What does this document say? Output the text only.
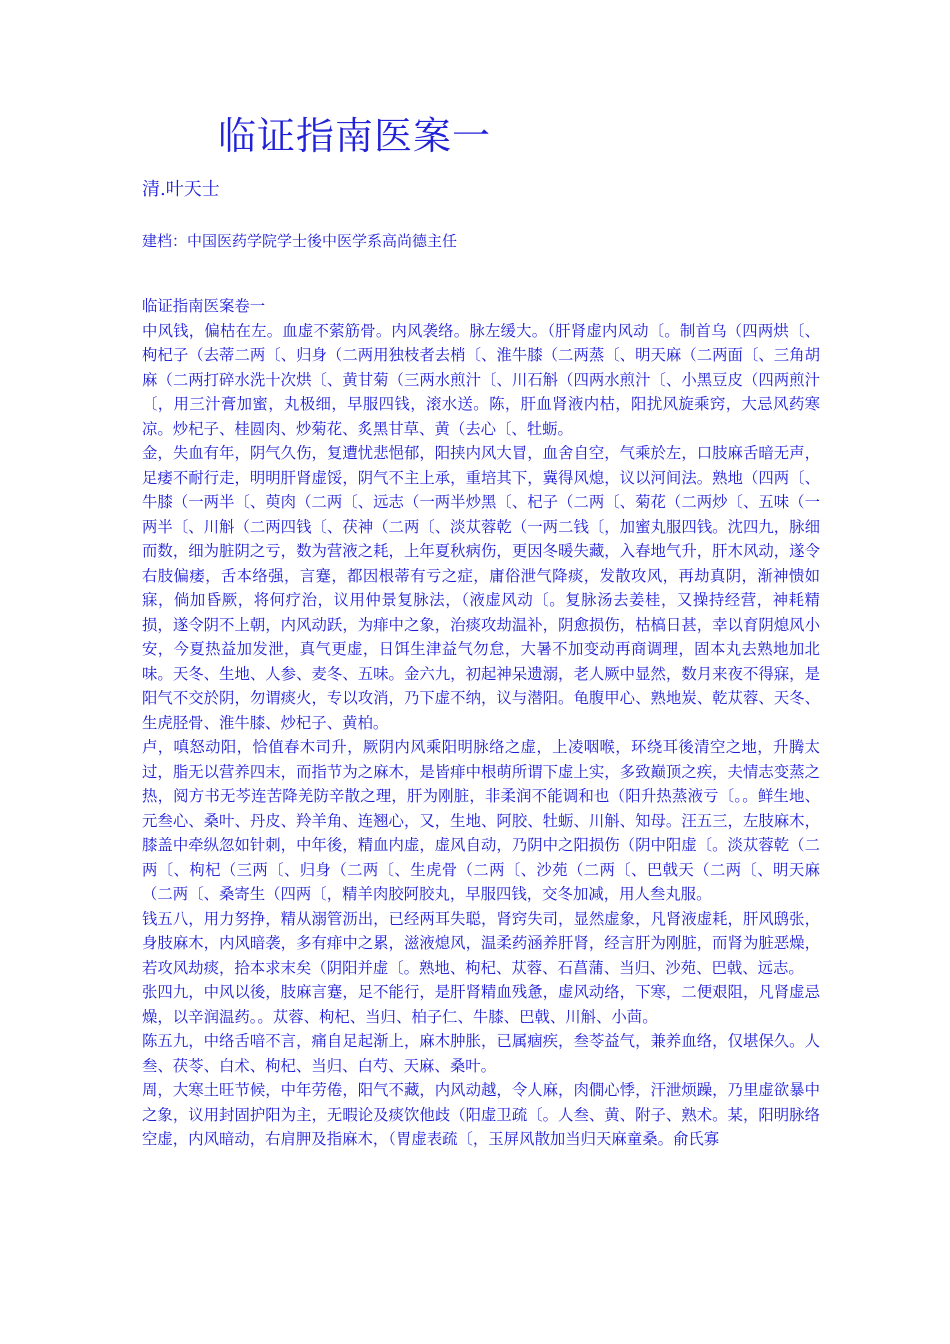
临证指南医案一
清.叶天士
建档：中国医药学院学士後中医学系高尚德主任

临证指南医案卷一

中风钱，偏枯在左。血虚不萦筋骨。内风袭络。脉左缓大。（肝肾虚内风动〔。制首乌（四两烘〔、枸杞子（去蒂二两〔、归身（二两用独枝者去梢〔、淮牛膝（二两蒸〔、明天麻（二两面〔、三角胡麻（二两打碎水洗十次烘〔、黄甘菊（三两水煎汁〔、川石斛（四两水煎汁〔、小黑豆皮（四两煎汁〔，用三汁膏加蜜，丸极细，早服四钱，滚水送。陈，肝血肾液内枯，阳扰风旋乘窍，大忌风药寒凉。炒杞子、桂圆肉、炒菊花、炙黑甘草、黄（去心〔、牡蛎。

金，失血有年，阴气久伤，复遭忧悲悒郁，阳挟内风大冒，血舍自空，气乘於左，口肢麻舌暗无声，足痿不耐行走，明明肝肾虚馁，阴气不主上承，重培其下，冀得风熄，议以河间法。熟地（四两〔、牛膝（一两半〔、萸肉（二两〔、远志（一两半炒黑〔、杞子（二两〔、菊花（二两炒〔、五味（一两半〔、川斛（二两四钱〔、茯神（二两〔、淡苁蓉乾（一两二钱〔，加蜜丸服四钱。沈四九，脉细而数，细为脏阴之亏，数为营液之耗，上年夏秋病伤，更因冬暖失藏，入春地气升，肝木风动，遂令右肢偏痿，舌本络强，言蹇，都因根蒂有亏之症，庸俗泄气降痰，发散攻风，再劫真阴，渐神愦如寐，倘加昏厥，将何疗治，议用仲景复脉法，（液虚风动〔。复脉汤去姜桂，又操持经营，神耗精损，遂令阴不上朝，内风动跃，为痱中之象，治痰攻劫温补，阴愈损伤，枯槁日甚，幸以育阴熄风小安，今夏热益加发泄，真气更虚，日饵生津益气勿怠，大暑不加变动再商调理，固本丸去熟地加北味。天冬、生地、人参、麦冬、五味。金六九，初起神呆遗溺，老人厥中显然，数月来夜不得寐，是阳气不交於阴，勿谓痰火，专以攻消，乃下虚不纳，议与潜阳。龟腹甲心、熟地炭、乾苁蓉、天冬、生虎胫骨、淮牛膝、炒杞子、黄柏。

卢，嗔怒动阳，恰值春木司升，厥阴内风乘阳明脉络之虚，上凌咽喉，环绕耳後清空之地，升腾太过，脂无以营养四末，而指节为之麻木，是皆痱中根萌所谓下虚上实，多致巅顶之疾，夫情志变蒸之热，阅方书无芩连苦降羌防辛散之理，肝为刚脏，非柔润不能调和也（阳升热蒸液亏〔。。鲜生地、元叁心、桑叶、丹皮、羚羊角、连翘心，又，生地、阿胶、牡蛎、川斛、知母。汪五三，左肢麻木，膝盖中牵纵忽如针刺，中年後，精血内虚，虚风自动，乃阴中之阳损伤（阴中阳虚〔。淡苁蓉乾（二两〔、枸杞（三两〔、归身（二两〔、生虎骨（二两〔、沙苑（二两〔、巴戟天（二两〔、明天麻（二两〔、桑寄生（四两〔，精羊肉胶阿胶丸，早服四钱，交冬加减，用人叁丸服。

钱五八，用力努挣，精从溺管沥出，已经两耳失聪，肾窍失司，显然虚象，凡肾液虚耗，肝风鸱张，身肢麻木，内风暗袭，多有痱中之累，滋液熄风，温柔药涵养肝肾，经言肝为刚脏，而肾为脏恶燥，若攻风劫痰，拾本求末矣（阴阳并虚〔。熟地、枸杞、苁蓉、石菖蒲、当归、沙苑、巴戟、远志。

张四九，中风以後，肢麻言蹇，足不能行，是肝肾精血残惫，虚风动络，下寒，二便艰阻，凡肾虚忌燥，以辛润温药。。苁蓉、枸杞、当归、柏子仁、牛膝、巴戟、川斛、小茴。

陈五九，中络舌喑不言，痛自足起渐上，麻木肿胀，已属痼疾，叁苓益气，兼养血络，仅堪保久。人叁、茯苓、白术、枸杞、当归、白芍、天麻、桑叶。

周，大寒土旺节候，中年劳倦，阳气不藏，内风动越，令人麻，肉僩心悸，汗泄烦躁，乃里虚欲暴中之象，议用封固护阳为主，无暇论及痰饮他歧（阳虚卫疏〔。人叁、黄、附子、熟术。某，阳明脉络空虚，内风暗动，右肩胛及指麻木，（胃虚表疏〔，玉屏风散加当归天麻童桑。俞氏寡
